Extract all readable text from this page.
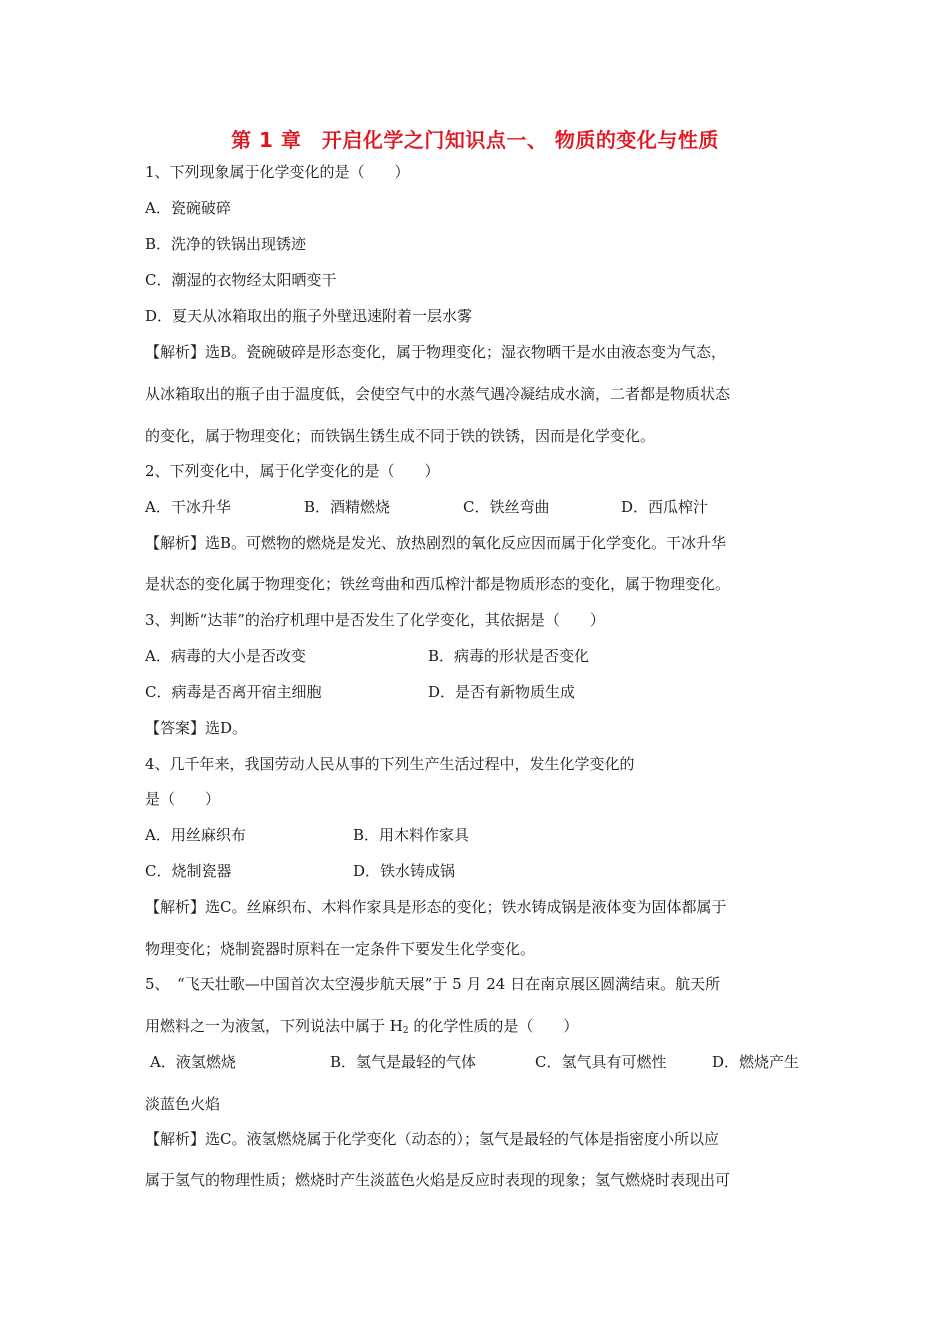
第 1 章　开启化学之门知识点一、 物质的变化与性质
1、下列现象属于化学变化的是（　　）
A．瓷碗破碎
B．洗净的铁锅出现锈迹
C．潮湿的衣物经太阳晒变干
D．夏天从冰箱取出的瓶子外壁迅速附着一层水雾
【解析】选B。瓷碗破碎是形态变化，属于物理变化；湿衣物晒干是水由液态变为气态，
从冰箱取出的瓶子由于温度低，会使空气中的水蒸气遇冷凝结成水滴，二者都是物质状态
的变化，属于物理变化；而铁锅生锈生成不同于铁的铁锈，因而是化学变化。
2、下列变化中，属于化学变化的是（　　）
A．干冰升华	B．酒精燃烧	C．铁丝弯曲	D．西瓜榨汁
【解析】选B。可燃物的燃烧是发光、放热剧烈的氧化反应因而属于化学变化。干冰升华
是状态的变化属于物理变化；铁丝弯曲和西瓜榨汁都是物质形态的变化，属于物理变化。
3、判断“达菲”的治疗机理中是否发生了化学变化，其依据是（　　）
A．病毒的大小是否改变	B．病毒的形状是否变化
C．病毒是否离开宿主细胞	D．是否有新物质生成
【答案】选D。
4、几千年来，我国劳动人民从事的下列生产生活过程中，发生化学变化的
是（　　）
A．用丝麻织布	B．用木料作家具
C．烧制瓷器	D．铁水铸成锅
【解析】选C。丝麻织布、木料作家具是形态的变化；铁水铸成锅是液体变为固体都属于
物理变化；烧制瓷器时原料在一定条件下要发生化学变化。
5、　“飞天壮歌—中国首次太空漫步航天展”于 5 月 24 日在南京展区圆满结束。航天所
用燃料之一为液氢，下列说法中属于 $H_2$ 的化学性质的是（　　）
A．液氢燃烧	B．氢气是最轻的气体	C．氢气具有可燃性	D．燃烧产生
淡蓝色火焰
【解析】选C。液氢燃烧属于化学变化（动态的）；氢气是最轻的气体是指密度小所以应
属于氢气的物理性质；燃烧时产生淡蓝色火焰是反应时表现的现象；氢气燃烧时表现出可
